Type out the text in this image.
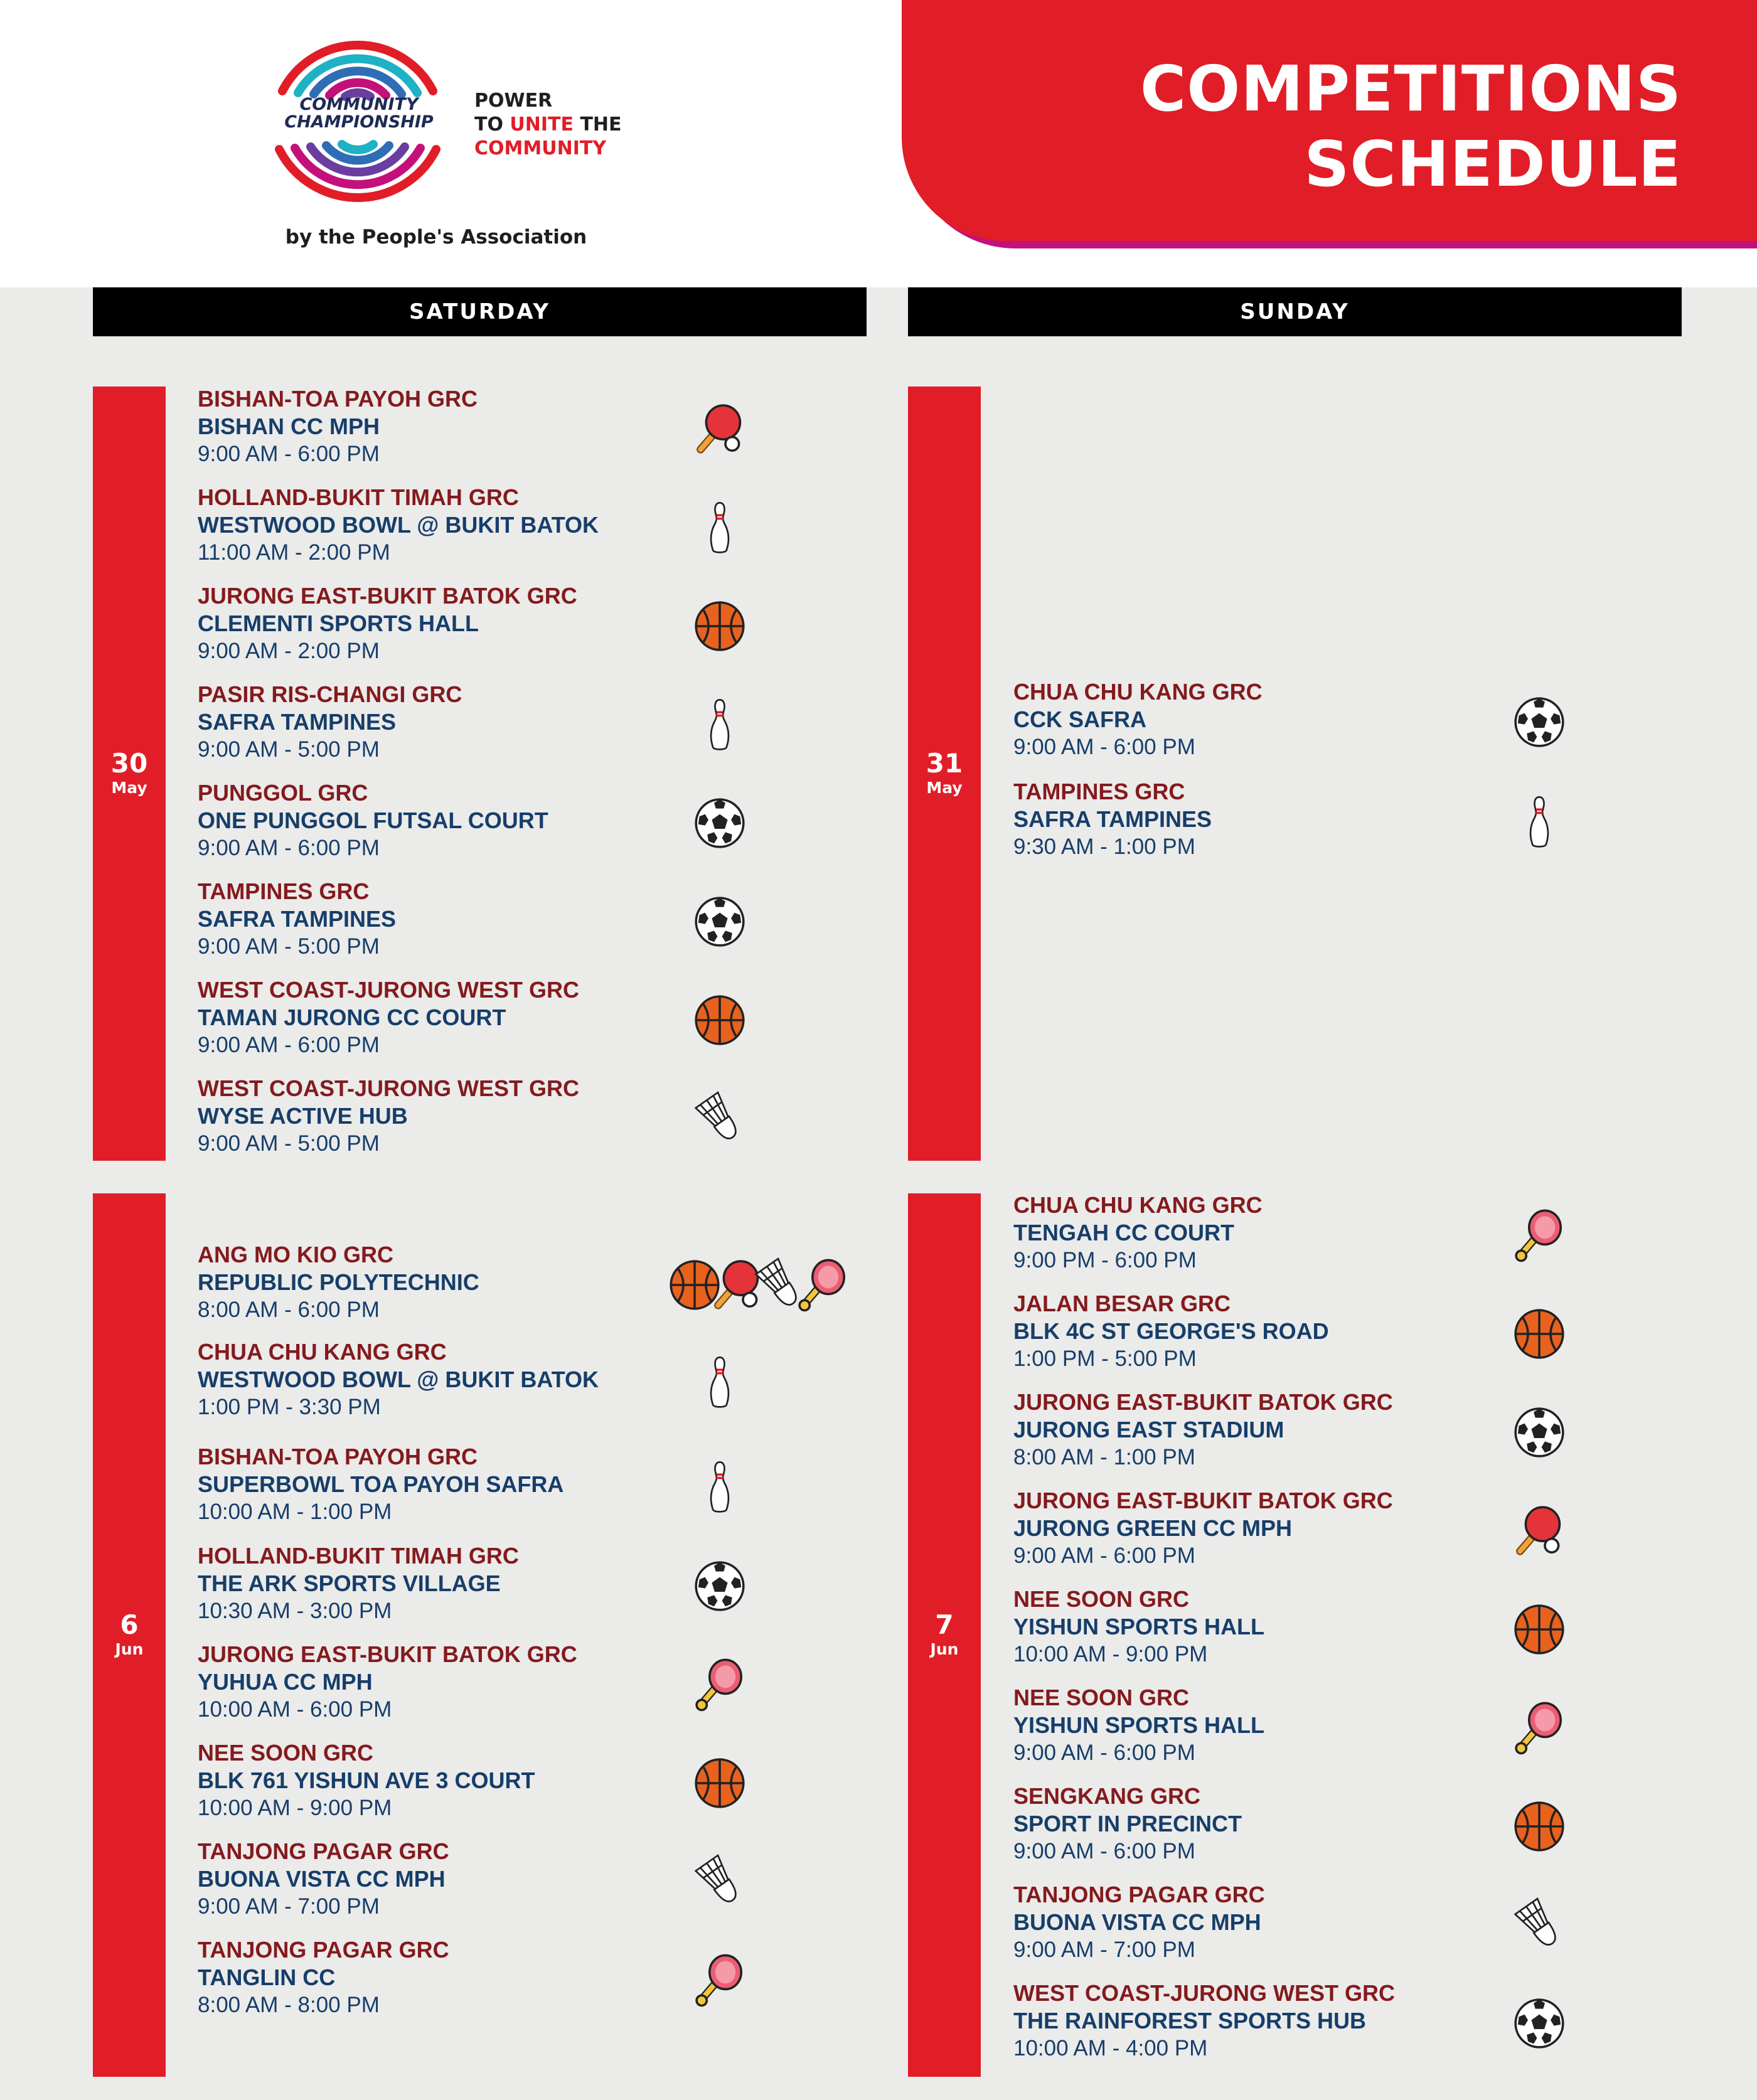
COMMUNITY
CHAMPIONSHIP
POWER
TO UNITE THE
COMMUNITY
by the People's Association
COMPETITIONS
SCHEDULE
SATURDAY	SUNDAY
30
May
31
May
6
Jun
7
Jun
BISHAN-TOA PAYOH GRC
BISHAN CC MPH
9:00 AM - 6:00 PM
HOLLAND-BUKIT TIMAH GRC
WESTWOOD BOWL @ BUKIT BATOK
11:00 AM - 2:00 PM
JURONG EAST-BUKIT BATOK GRC
CLEMENTI SPORTS HALL
9:00 AM - 2:00 PM
PASIR RIS-CHANGI GRC
SAFRA TAMPINES
9:00 AM - 5:00 PM
PUNGGOL GRC
ONE PUNGGOL FUTSAL COURT
9:00 AM - 6:00 PM
TAMPINES GRC
SAFRA TAMPINES
9:00 AM - 5:00 PM
WEST COAST-JURONG WEST GRC
TAMAN JURONG CC COURT
9:00 AM - 6:00 PM
WEST COAST-JURONG WEST GRC
WYSE ACTIVE HUB
9:00 AM - 5:00 PM
CHUA CHU KANG GRC
CCK SAFRA
9:00 AM - 6:00 PM
TAMPINES GRC
SAFRA TAMPINES
9:30 AM - 1:00 PM
ANG MO KIO GRC
REPUBLIC POLYTECHNIC
8:00 AM - 6:00 PM
CHUA CHU KANG GRC
WESTWOOD BOWL @ BUKIT BATOK
1:00 PM - 3:30 PM
BISHAN-TOA PAYOH GRC
SUPERBOWL TOA PAYOH SAFRA
10:00 AM - 1:00 PM
HOLLAND-BUKIT TIMAH GRC
THE ARK SPORTS VILLAGE
10:30 AM - 3:00 PM
JURONG EAST-BUKIT BATOK GRC
YUHUA CC MPH
10:00 AM - 6:00 PM
NEE SOON GRC
BLK 761 YISHUN AVE 3 COURT
10:00 AM - 9:00 PM
TANJONG PAGAR GRC
BUONA VISTA CC MPH
9:00 AM - 7:00 PM
TANJONG PAGAR GRC
TANGLIN CC
8:00 AM - 8:00 PM
CHUA CHU KANG GRC
TENGAH CC COURT
9:00 PM - 6:00 PM
JALAN BESAR GRC
BLK 4C ST GEORGE'S ROAD
1:00 PM - 5:00 PM
JURONG EAST-BUKIT BATOK GRC
JURONG EAST STADIUM
8:00 AM - 1:00 PM
JURONG EAST-BUKIT BATOK GRC
JURONG GREEN CC MPH
9:00 AM - 6:00 PM
NEE SOON GRC
YISHUN SPORTS HALL
10:00 AM - 9:00 PM
NEE SOON GRC
YISHUN SPORTS HALL
9:00 AM - 6:00 PM
SENGKANG GRC
SPORT IN PRECINCT
9:00 AM - 6:00 PM
TANJONG PAGAR GRC
BUONA VISTA CC MPH
9:00 AM - 7:00 PM
WEST COAST-JURONG WEST GRC
THE RAINFOREST SPORTS HUB
10:00 AM - 4:00 PM
